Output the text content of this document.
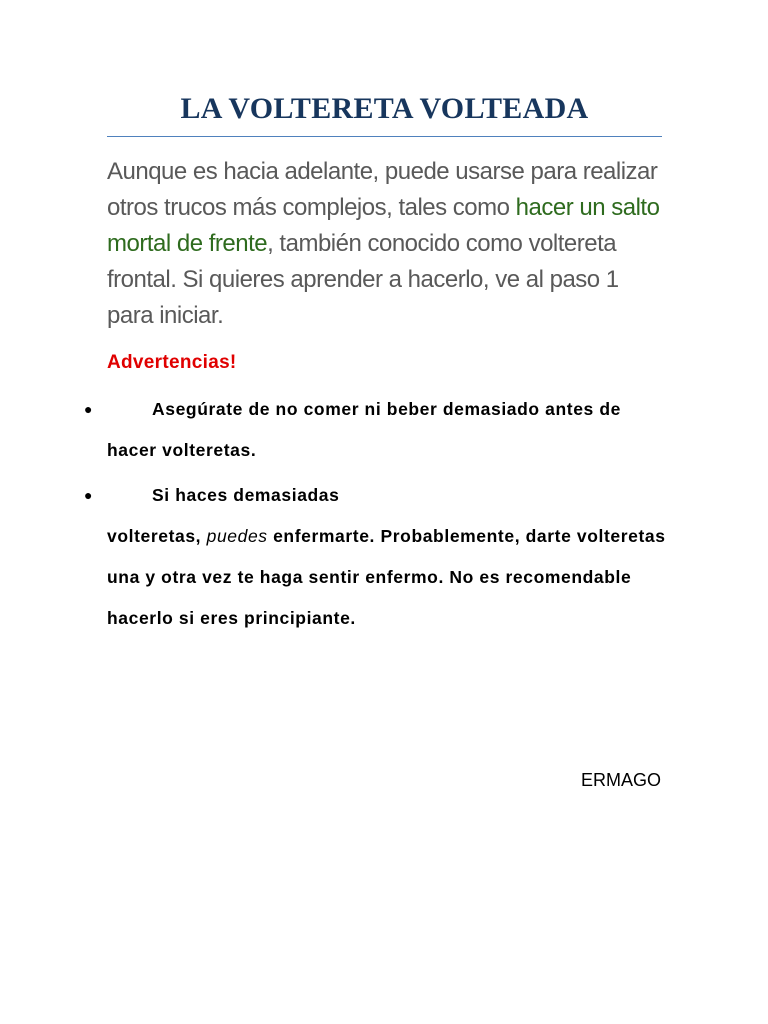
LA VOLTERETA VOLTEADA

Aunque es hacia adelante, puede usarse para realizar otros trucos más complejos, tales como hacer un salto mortal de frente, también conocido como voltereta frontal. Si quieres aprender a hacerlo, ve al paso 1 para iniciar.

Advertencias!

●	Asegúrate de no comer ni beber demasiado antes de hacer volteretas.
●	Si haces demasiadas
volteretas, puedes enfermarte. Probablemente, darte volteretas una y otra vez te haga sentir enfermo. No es recomendable hacerlo si eres principiante.

ERMAGO
